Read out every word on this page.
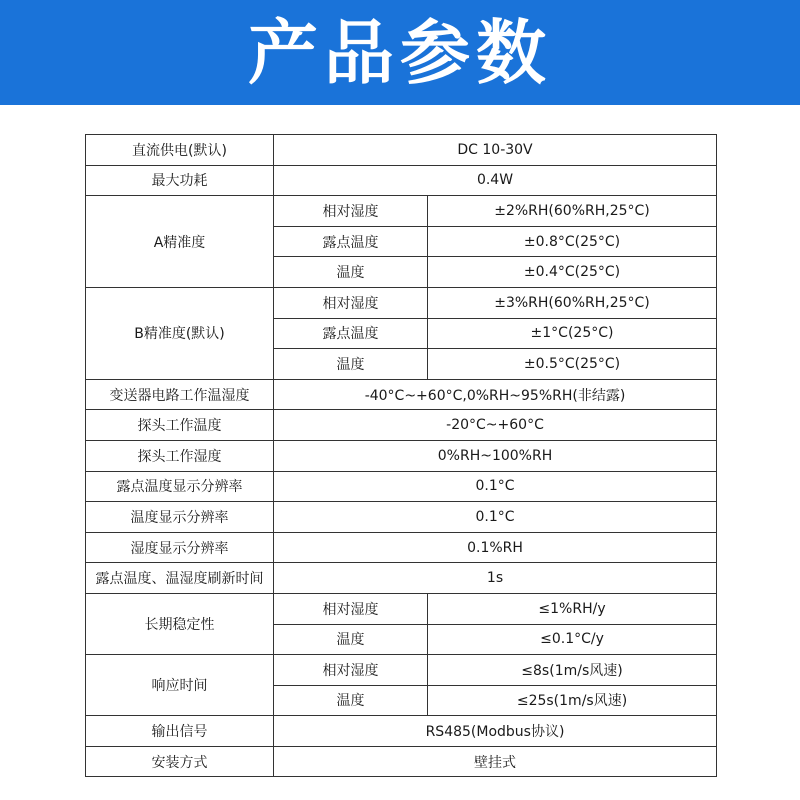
产品参数
直流供电(默认)	DC 10-30V	
最大功耗	0.4W	
A精准度	相对湿度	±2%RH(60%RH,25°C)
	露点温度	±0.8°C(25°C)
	温度	±0.4°C(25°C)
B精准度(默认)	相对湿度	±3%RH(60%RH,25°C)
	露点温度	±1°C(25°C)
	温度	±0.5°C(25°C)
变送器电路工作温湿度	-40°C~+60°C,0%RH~95%RH(非结露)	
探头工作温度	-20°C~+60°C	
探头工作湿度	0%RH~100%RH	
露点温度显示分辨率	0.1°C	
温度显示分辨率	0.1°C	
湿度显示分辨率	0.1%RH	
露点温度、温湿度刷新时间	1s	
长期稳定性	相对湿度	≤1%RH/y
	温度	≤0.1°C/y
响应时间	相对湿度	≤8s(1m/s风速)
	温度	≤25s(1m/s风速)
输出信号	RS485(Modbus协议)	
安装方式	壁挂式	
